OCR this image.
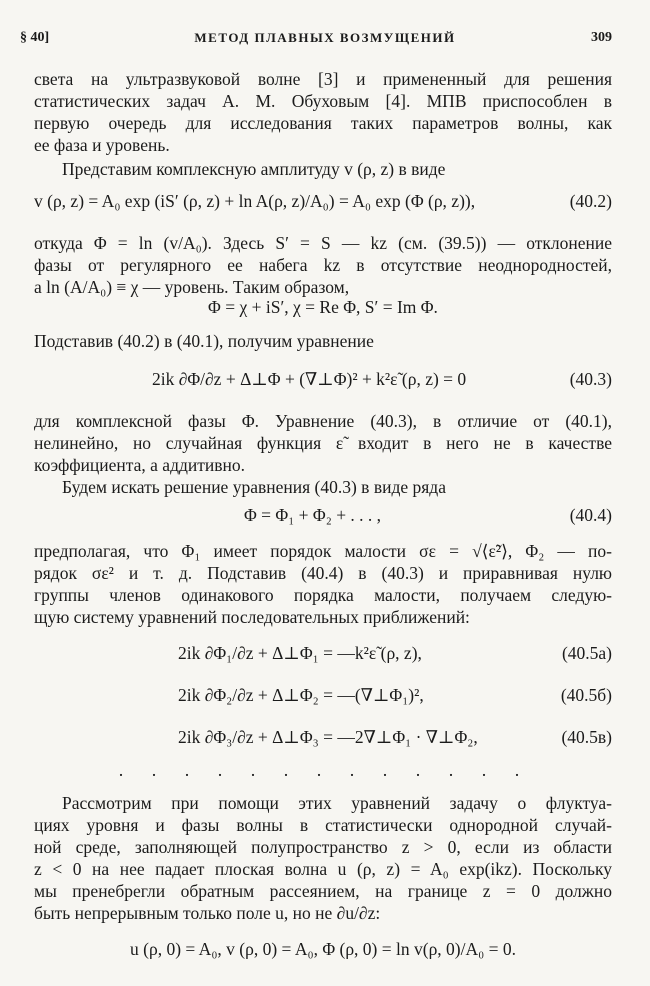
§ 40]	МЕТОД ПЛАВНЫХ ВОЗМУЩЕНИЙ	309
света на ультразвуковой волне [3] и примененный для решения
статистических задач А. М. Обуховым [4]. МПВ приспособлен в
первую очередь для исследования таких параметров волны, как
ее фаза и уровень.
Представим комплексную амплитуду v (ρ, z) в виде
v (ρ, z) = A₀ exp (iS′ (ρ, z) + ln A(ρ, z)/A₀) = A₀ exp (Φ (ρ, z)),	(40.2)
откуда Φ = ln (v/A₀). Здесь S′ = S — kz (см. (39.5)) — отклонение
фазы от регулярного ее набега kz в отсутствие неоднородностей,
a ln (A/A₀) ≡ χ — уровень. Таким образом,
Φ = χ + iS′, χ = Re Φ, S′ = Im Φ.
Подставив (40.2) в (40.1), получим уравнение
2ik ∂Φ/∂z + Δ⊥Φ + (∇⊥Φ)² + k²ε̃ (ρ, z) = 0	(40.3)
для комплексной фазы Φ. Уравнение (40.3), в отличие от (40.1),
нелинейно, но случайная функция ε̃ входит в него не в качестве
коэффициента, а аддитивно.
Будем искать решение уравнения (40.3) в виде ряда
Φ = Φ₁ + Φ₂ + . . . ,	(40.4)
предполагая, что Φ₁ имеет порядок малости σε = √⟨ε̃²⟩, Φ₂ — по-
рядок σε² и т. д. Подставив (40.4) в (40.3) и приравнивая нулю
группы членов одинакового порядка малости, получаем следую-
щую систему уравнений последовательных приближений:
2ik ∂Φ₁/∂z + Δ⊥Φ₁ = —k²ε̃ (ρ, z),	(40.5a)
2ik ∂Φ₂/∂z + Δ⊥Φ₂ = —(∇⊥Φ₁)²,	(40.5б)
2ik ∂Φ₃/∂z + Δ⊥Φ₃ = —2∇⊥Φ₁ · ∇⊥Φ₂,	(40.5в)
. . . . . . . . . . . . .
Рассмотрим при помощи этих уравнений задачу о флуктуа-
циях уровня и фазы волны в статистически однородной случай-
ной среде, заполняющей полупространство z > 0, если из области
z < 0 на нее падает плоская волна u (ρ, z) = A₀ exp(ikz). Поскольку
мы пренебрегли обратным рассеянием, на границе z = 0 должно
быть непрерывным только поле u, но не ∂u/∂z:
u (ρ, 0) = A₀, v (ρ, 0) = A₀, Φ (ρ, 0) = ln v(ρ, 0)/A₀ = 0.
